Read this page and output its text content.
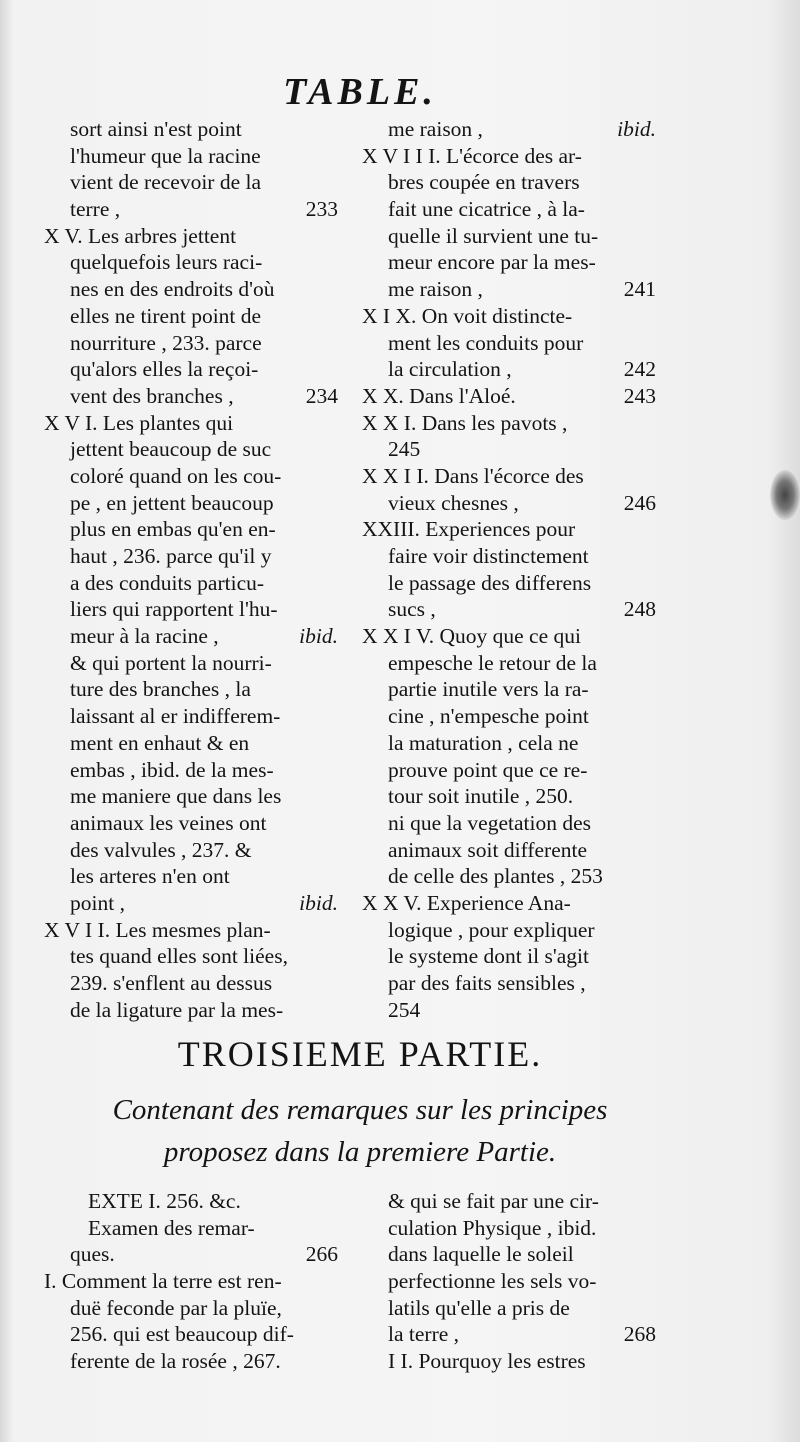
TABLE.
sort ainsi n'est point
l'humeur que la racine
vient de recevoir de la
terre ,	233
X V. Les arbres jettent
quelquefois leurs raci-
nes en des endroits d'où
elles ne tirent point de
nourriture , 233. parce
qu'alors elles la reçoi-
vent des branches ,	234
X V I. Les plantes qui
jettent beaucoup de suc
coloré quand on les cou-
pe , en jettent beaucoup
plus en embas qu'en en-
haut , 236. parce qu'il y
a des conduits particu-
liers qui rapportent l'hu-
meur à la racine ,	ibid.
& qui portent la nourri-
ture des branches , la
laissant al er indifferem-
ment en enhaut & en
embas , ibid. de la mes-
me maniere que dans les
animaux les veines ont
des valvules , 237. &
les arteres n'en ont
point ,	ibid.
X V I I. Les mesmes plan-
tes quand elles sont liées,
239. s'enflent au dessus
de la ligature par la mes-
me raison ,	ibid.
X V I I I. L'écorce des ar-
bres coupée en travers
fait une cicatrice , à la-
quelle il survient une tu-
meur encore par la mes-
me raison ,	241
X I X. On voit distincte-
ment les conduits pour
la circulation ,	242
X X. Dans l'Aloé.	243
X X I. Dans les pavots ,
245
X X I I. Dans l'écorce des
vieux chesnes ,	246
XXIII. Experiences pour
faire voir distinctement
le passage des differens
sucs ,	248
X X I V. Quoy que ce qui
empesche le retour de la
partie inutile vers la ra-
cine , n'empesche point
la maturation , cela ne
prouve point que ce re-
tour soit inutile , 250.
ni que la vegetation des
animaux soit differente
de celle des plantes , 253
X X V. Experience Ana-
logique , pour expliquer
le systeme dont il s'agit
par des faits sensibles ,
254
TROISIEME PARTIE.
Contenant des remarques sur les principes
proposez dans la premiere Partie.
EXTE I. 256. &c.
Examen des remar-
ques.	266
I. Comment la terre est ren-
duë feconde par la pluïe,
256. qui est beaucoup dif-
ferente de la rosée , 267.
& qui se fait par une cir-
culation Physique , ibid.
dans laquelle le soleil
perfectionne les sels vo-
latils qu'elle a pris de
la terre ,	268
I I. Pourquoy les estres
